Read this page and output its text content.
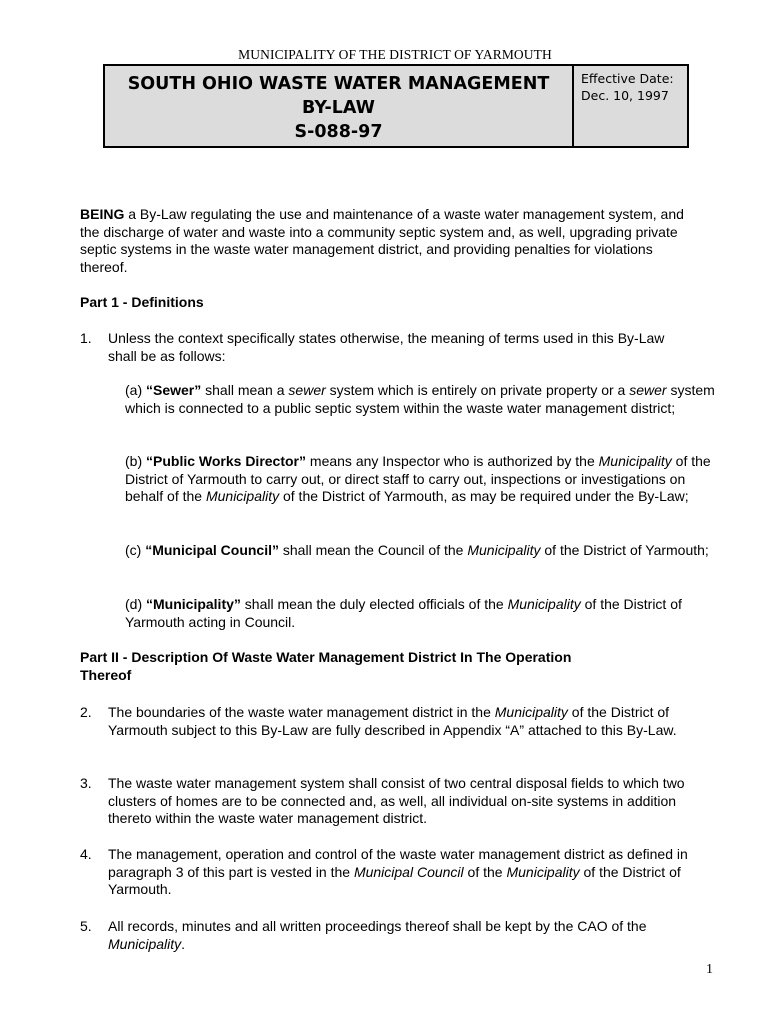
MUNICIPALITY OF THE DISTRICT OF YARMOUTH
SOUTH OHIO WASTE WATER MANAGEMENT
BY-LAW
S-088-97
Effective Date:
Dec. 10, 1997
BEING a By-Law regulating the use and maintenance of a waste water management system, and the discharge of water and waste into a community septic system and, as well, upgrading private septic systems in the waste water management district, and providing penalties for violations thereof.
Part 1 - Definitions
1. Unless the context specifically states otherwise, the meaning of terms used in this By-Law shall be as follows:
(a) “Sewer” shall mean a sewer system which is entirely on private property or a sewer system which is connected to a public septic system within the waste water management district;
(b) “Public Works Director” means any Inspector who is authorized by the Municipality of the District of Yarmouth to carry out, or direct staff to carry out, inspections or investigations on behalf of the Municipality of the District of Yarmouth, as may be required under the By-Law;
(c) “Municipal Council” shall mean the Council of the Municipality of the District of Yarmouth;
(d) “Municipality” shall mean the duly elected officials of the Municipality of the District of Yarmouth acting in Council.
Part II - Description Of Waste Water Management District In The Operation
Thereof
2. The boundaries of the waste water management district in the Municipality of the District of Yarmouth subject to this By-Law are fully described in Appendix “A” attached to this By-Law.
3. The waste water management system shall consist of two central disposal fields to which two clusters of homes are to be connected and, as well, all individual on-site systems in addition thereto within the waste water management district.
4. The management, operation and control of the waste water management district as defined in paragraph 3 of this part is vested in the Municipal Council of the Municipality of the District of Yarmouth.
5. All records, minutes and all written proceedings thereof shall be kept by the CAO of the Municipality.
1
